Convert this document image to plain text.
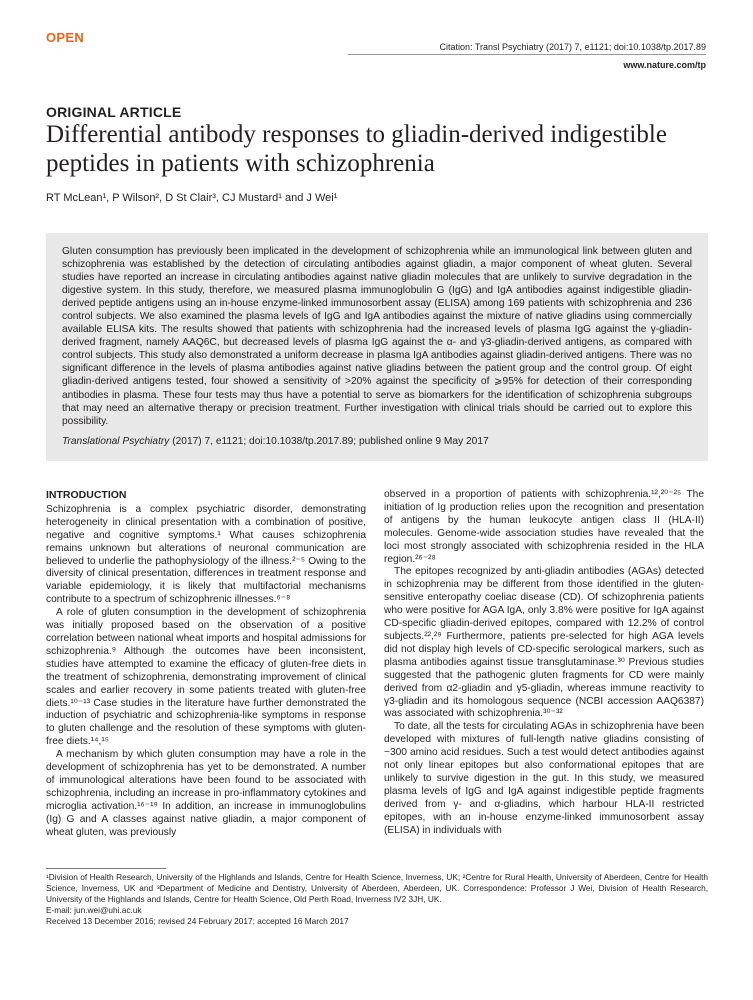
OPEN
Citation: Transl Psychiatry (2017) 7, e1121; doi:10.1038/tp.2017.89
www.nature.com/tp
ORIGINAL ARTICLE
Differential antibody responses to gliadin-derived indigestible peptides in patients with schizophrenia
RT McLean¹, P Wilson², D St Clair³, CJ Mustard¹ and J Wei¹

Gluten consumption has previously been implicated in the development of schizophrenia while an immunological link between gluten and schizophrenia was established by the detection of circulating antibodies against gliadin, a major component of wheat gluten. Several studies have reported an increase in circulating antibodies against native gliadin molecules that are unlikely to survive degradation in the digestive system. In this study, therefore, we measured plasma immunoglobulin G (IgG) and IgA antibodies against indigestible gliadin-derived peptide antigens using an in-house enzyme-linked immunosorbent assay (ELISA) among 169 patients with schizophrenia and 236 control subjects. We also examined the plasma levels of IgG and IgA antibodies against the mixture of native gliadins using commercially available ELISA kits. The results showed that patients with schizophrenia had the increased levels of plasma IgG against the γ-gliadin-derived fragment, namely AAQ6C, but decreased levels of plasma IgG against the α- and γ3-gliadin-derived antigens, as compared with control subjects. This study also demonstrated a uniform decrease in plasma IgA antibodies against gliadin-derived antigens. There was no significant difference in the levels of plasma antibodies against native gliadins between the patient group and the control group. Of eight gliadin-derived antigens tested, four showed a sensitivity of >20% against the specificity of ⩾95% for detection of their corresponding antibodies in plasma. These four tests may thus have a potential to serve as biomarkers for the identification of schizophrenia subgroups that may need an alternative therapy or precision treatment. Further investigation with clinical trials should be carried out to explore this possibility.

Translational Psychiatry (2017) 7, e1121; doi:10.1038/tp.2017.89; published online 9 May 2017
INTRODUCTION

Schizophrenia is a complex psychiatric disorder, demonstrating heterogeneity in clinical presentation with a combination of positive, negative and cognitive symptoms.¹ What causes schizophrenia remains unknown but alterations of neuronal communication are believed to underlie the pathophysiology of the illness.²⁻⁵ Owing to the diversity of clinical presentation, differences in treatment response and variable epidemiology, it is likely that multifactorial mechanisms contribute to a spectrum of schizophrenic illnesses.⁶⁻⁸

A role of gluten consumption in the development of schizophrenia was initially proposed based on the observation of a positive correlation between national wheat imports and hospital admissions for schizophrenia.⁹ Although the outcomes have been inconsistent, studies have attempted to examine the efficacy of gluten-free diets in the treatment of schizophrenia, demonstrating improvement of clinical scales and earlier recovery in some patients treated with gluten-free diets.¹⁰⁻¹³ Case studies in the literature have further demonstrated the induction of psychiatric and schizophrenia-like symptoms in response to gluten challenge and the resolution of these symptoms with gluten-free diets.¹⁴,¹⁵

A mechanism by which gluten consumption may have a role in the development of schizophrenia has yet to be demonstrated. A number of immunological alterations have been found to be associated with schizophrenia, including an increase in pro-inflammatory cytokines and microglia activation.¹⁶⁻¹⁹ In addition, an increase in immunoglobulins (Ig) G and A classes against native gliadin, a major component of wheat gluten, was previously

observed in a proportion of patients with schizophrenia.¹²,²⁰⁻²⁵ The initiation of Ig production relies upon the recognition and presentation of antigens by the human leukocyte antigen class II (HLA-II) molecules. Genome-wide association studies have revealed that the loci most strongly associated with schizophrenia resided in the HLA region.²⁶⁻²⁸

The epitopes recognized by anti-gliadin antibodies (AGAs) detected in schizophrenia may be different from those identified in the gluten-sensitive enteropathy coeliac disease (CD). Of schizophrenia patients who were positive for AGA IgA, only 3.8% were positive for IgA against CD-specific gliadin-derived epitopes, compared with 12.2% of control subjects.²²,²⁹ Furthermore, patients pre-selected for high AGA levels did not display high levels of CD-specific serological markers, such as plasma antibodies against tissue transglutaminase.³⁰ Previous studies suggested that the pathogenic gluten fragments for CD were mainly derived from α2-gliadin and γ5-gliadin, whereas immune reactivity to γ3-gliadin and its homologous sequence (NCBI accession AAQ6387) was associated with schizophrenia.³⁰⁻³²

To date, all the tests for circulating AGAs in schizophrenia have been developed with mixtures of full-length native gliadins consisting of ~300 amino acid residues. Such a test would detect antibodies against not only linear epitopes but also conformational epitopes that are unlikely to survive digestion in the gut. In this study, we measured plasma levels of IgG and IgA against indigestible peptide fragments derived from γ- and α-gliadins, which harbour HLA-II restricted epitopes, with an in-house enzyme-linked immunosorbent assay (ELISA) in individuals with

¹Division of Health Research, University of the Highlands and Islands, Centre for Health Science, Inverness, UK; ²Centre for Rural Health, University of Aberdeen, Centre for Health Science, Inverness, UK and ³Department of Medicine and Dentistry, University of Aberdeen, Aberdeen, UK. Correspondence: Professor J Wei, Division of Health Research, University of the Highlands and Islands, Centre for Health Science, Old Perth Road, Inverness IV2 3JH, UK.

E-mail: jun.wei@uhi.ac.uk

Received 13 December 2016; revised 24 February 2017; accepted 16 March 2017
